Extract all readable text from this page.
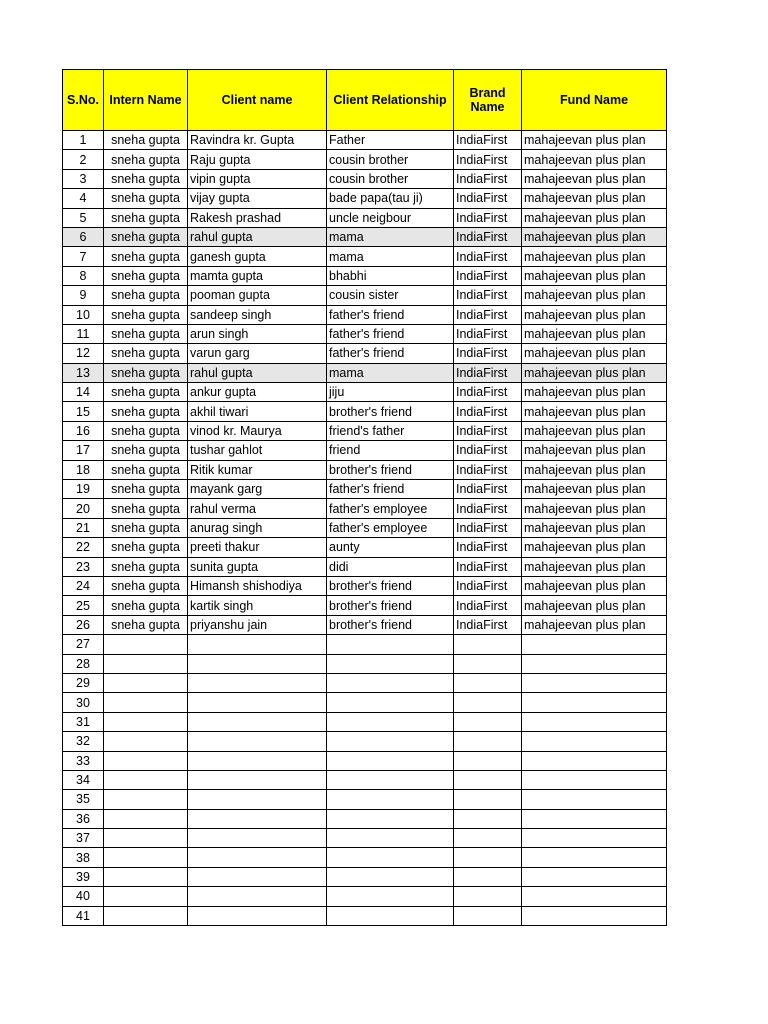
S.No.	Intern Name	Client name	Client Relationship	Brand Name	Fund Name
1	sneha gupta	Ravindra kr. Gupta	Father	IndiaFirst	mahajeevan plus plan
2	sneha gupta	Raju gupta	cousin brother	IndiaFirst	mahajeevan plus plan
3	sneha gupta	vipin gupta	cousin brother	IndiaFirst	mahajeevan plus plan
4	sneha gupta	vijay gupta	bade papa(tau ji)	IndiaFirst	mahajeevan plus plan
5	sneha gupta	Rakesh prashad	uncle neigbour	IndiaFirst	mahajeevan plus plan
6	sneha gupta	rahul gupta	mama	IndiaFirst	mahajeevan plus plan
7	sneha gupta	ganesh gupta	mama	IndiaFirst	mahajeevan plus plan
8	sneha gupta	mamta gupta	bhabhi	IndiaFirst	mahajeevan plus plan
9	sneha gupta	pooman gupta	cousin sister	IndiaFirst	mahajeevan plus plan
10	sneha gupta	sandeep singh	father's friend	IndiaFirst	mahajeevan plus plan
11	sneha gupta	arun singh	father's friend	IndiaFirst	mahajeevan plus plan
12	sneha gupta	varun garg	father's friend	IndiaFirst	mahajeevan plus plan
13	sneha gupta	rahul gupta	mama	IndiaFirst	mahajeevan plus plan
14	sneha gupta	ankur gupta	jiju	IndiaFirst	mahajeevan plus plan
15	sneha gupta	akhil tiwari	brother's friend	IndiaFirst	mahajeevan plus plan
16	sneha gupta	vinod kr. Maurya	friend's father	IndiaFirst	mahajeevan plus plan
17	sneha gupta	tushar gahlot	friend	IndiaFirst	mahajeevan plus plan
18	sneha gupta	Ritik kumar	brother's friend	IndiaFirst	mahajeevan plus plan
19	sneha gupta	mayank garg	father's friend	IndiaFirst	mahajeevan plus plan
20	sneha gupta	rahul verma	father's employee	IndiaFirst	mahajeevan plus plan
21	sneha gupta	anurag singh	father's employee	IndiaFirst	mahajeevan plus plan
22	sneha gupta	preeti thakur	aunty	IndiaFirst	mahajeevan plus plan
23	sneha gupta	sunita gupta	didi	IndiaFirst	mahajeevan plus plan
24	sneha gupta	Himansh shishodiya	brother's friend	IndiaFirst	mahajeevan plus plan
25	sneha gupta	kartik singh	brother's friend	IndiaFirst	mahajeevan plus plan
26	sneha gupta	priyanshu jain	brother's friend	IndiaFirst	mahajeevan plus plan
27					
28					
29					
30					
31					
32					
33					
34					
35					
36					
37					
38					
39					
40					
41					
